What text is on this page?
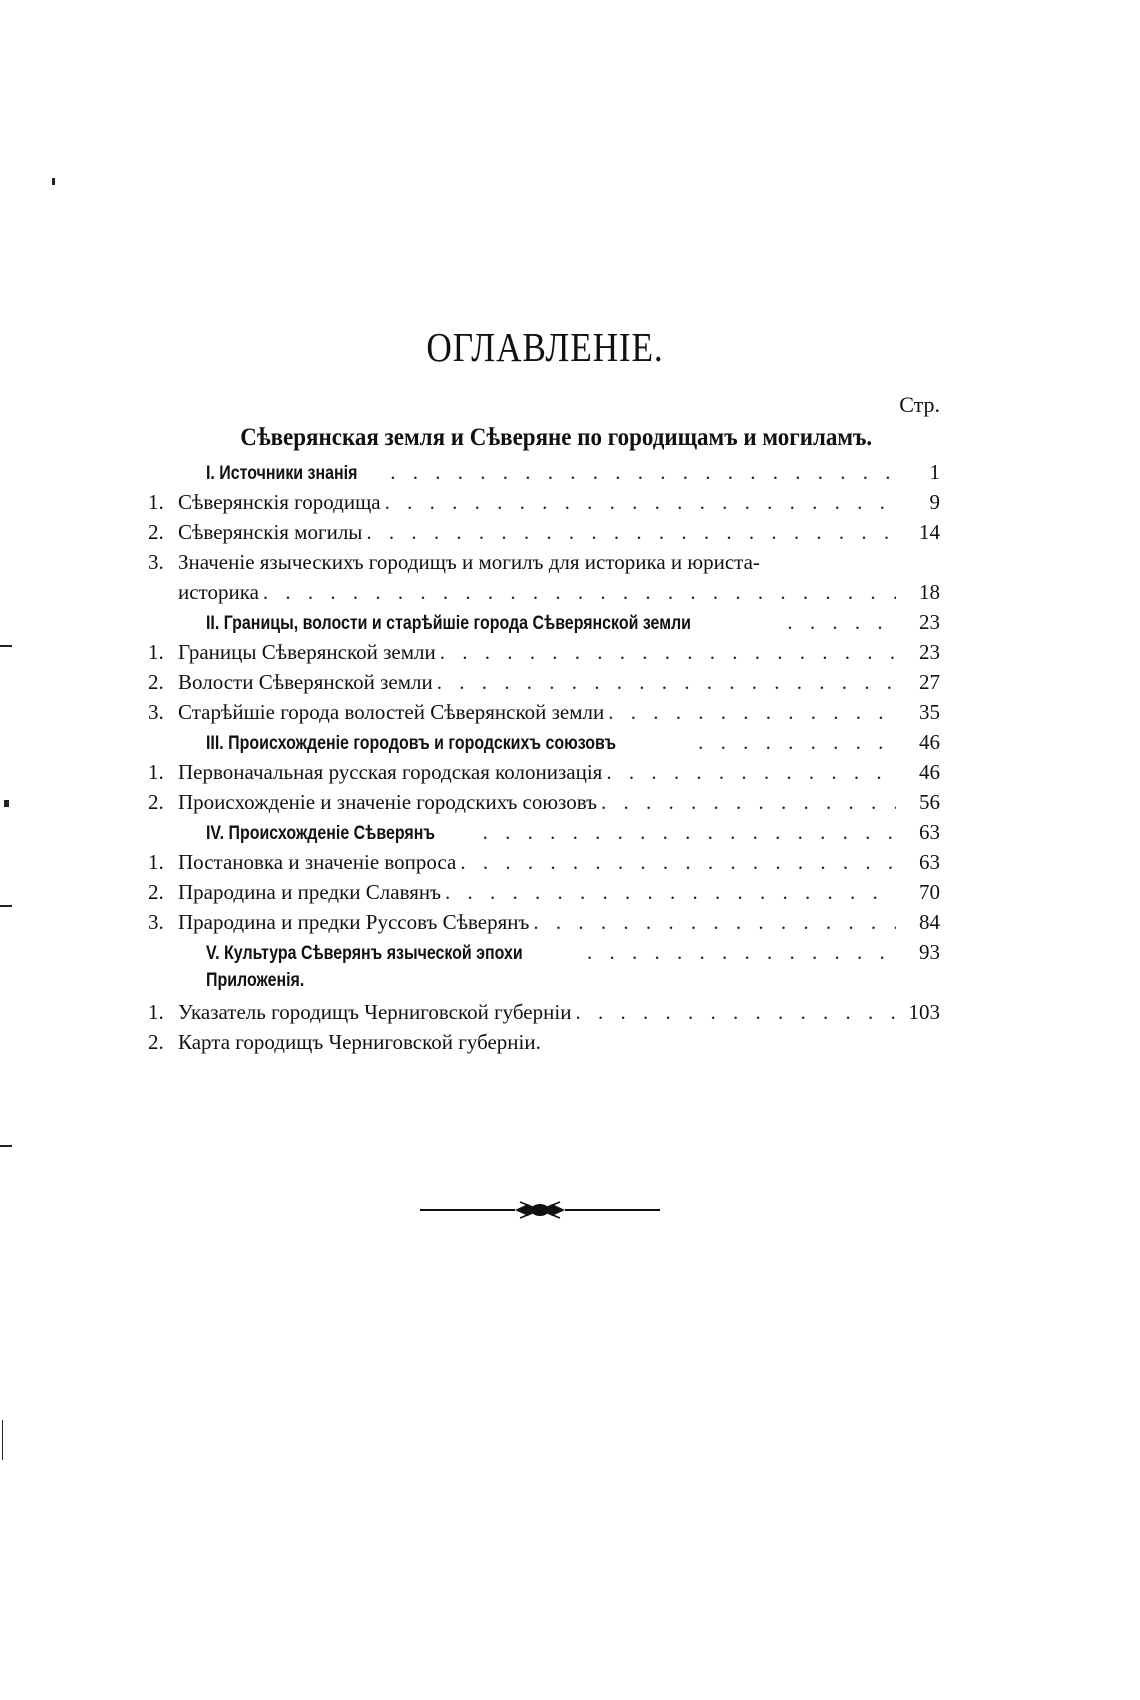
ОГЛАВЛЕНІЕ.
Стр.
Сѣверянская земля и Сѣверяне по городищамъ и могиламъ.
I. Источники знанія . . .	1
1. Сѣверянскія городища . . .	9
2. Сѣверянскія могилы . . .	14
3. Значеніе языческихъ городищъ и могилъ для историка и юриста-
историка . . .	18
II. Границы, волости и старѣйшіе города Сѣверянской земли . . .	23
1. Границы Сѣверянской земли . . .	23
2. Волости Сѣверянской земли . . .	27
3. Старѣйшіе города волостей Сѣверянской земли . . .	35
III. Происхожденіе городовъ и городскихъ союзовъ . . .	46
1. Первоначальная русская городская колонизація . . .	46
2. Происхожденіе и значеніе городскихъ союзовъ . . .	56
IV. Происхожденіе Сѣверянъ . . .	63
1. Постановка и значеніе вопроса . . .	63
2. Прародина и предки Славянъ . . .	70
3. Прародина и предки Руссовъ Сѣверянъ . . .	84
V. Культура Сѣверянъ языческой эпохи . . .	93
Приложенія.
1. Указатель городищъ Черниговской губерніи . . .	103
2. Карта городищъ Черниговской губерніи.
